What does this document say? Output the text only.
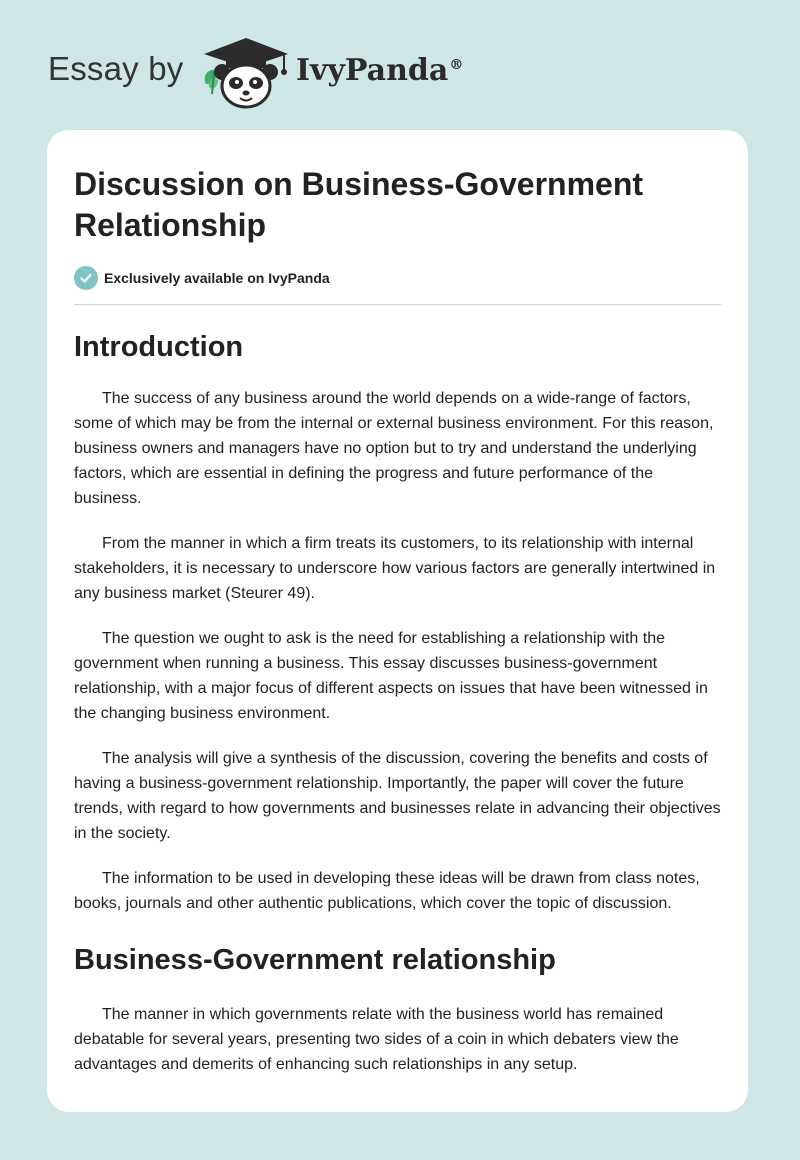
Essay by	IvyPanda®
Discussion on Business-Government Relationship
Exclusively available on IvyPanda
Introduction

The success of any business around the world depends on a wide-range of factors, some of which may be from the internal or external business environment. For this reason, business owners and managers have no option but to try and understand the underlying factors, which are essential in defining the progress and future performance of the business.

From the manner in which a firm treats its customers, to its relationship with internal stakeholders, it is necessary to underscore how various factors are generally intertwined in any business market (Steurer 49).

The question we ought to ask is the need for establishing a relationship with the government when running a business. This essay discusses business-government relationship, with a major focus of different aspects on issues that have been witnessed in the changing business environment.

The analysis will give a synthesis of the discussion, covering the benefits and costs of having a business-government relationship. Importantly, the paper will cover the future trends, with regard to how governments and businesses relate in advancing their objectives in the society.

The information to be used in developing these ideas will be drawn from class notes, books, journals and other authentic publications, which cover the topic of discussion.

Business-Government relationship

The manner in which governments relate with the business world has remained debatable for several years, presenting two sides of a coin in which debaters view the advantages and demerits of enhancing such relationships in any setup.
